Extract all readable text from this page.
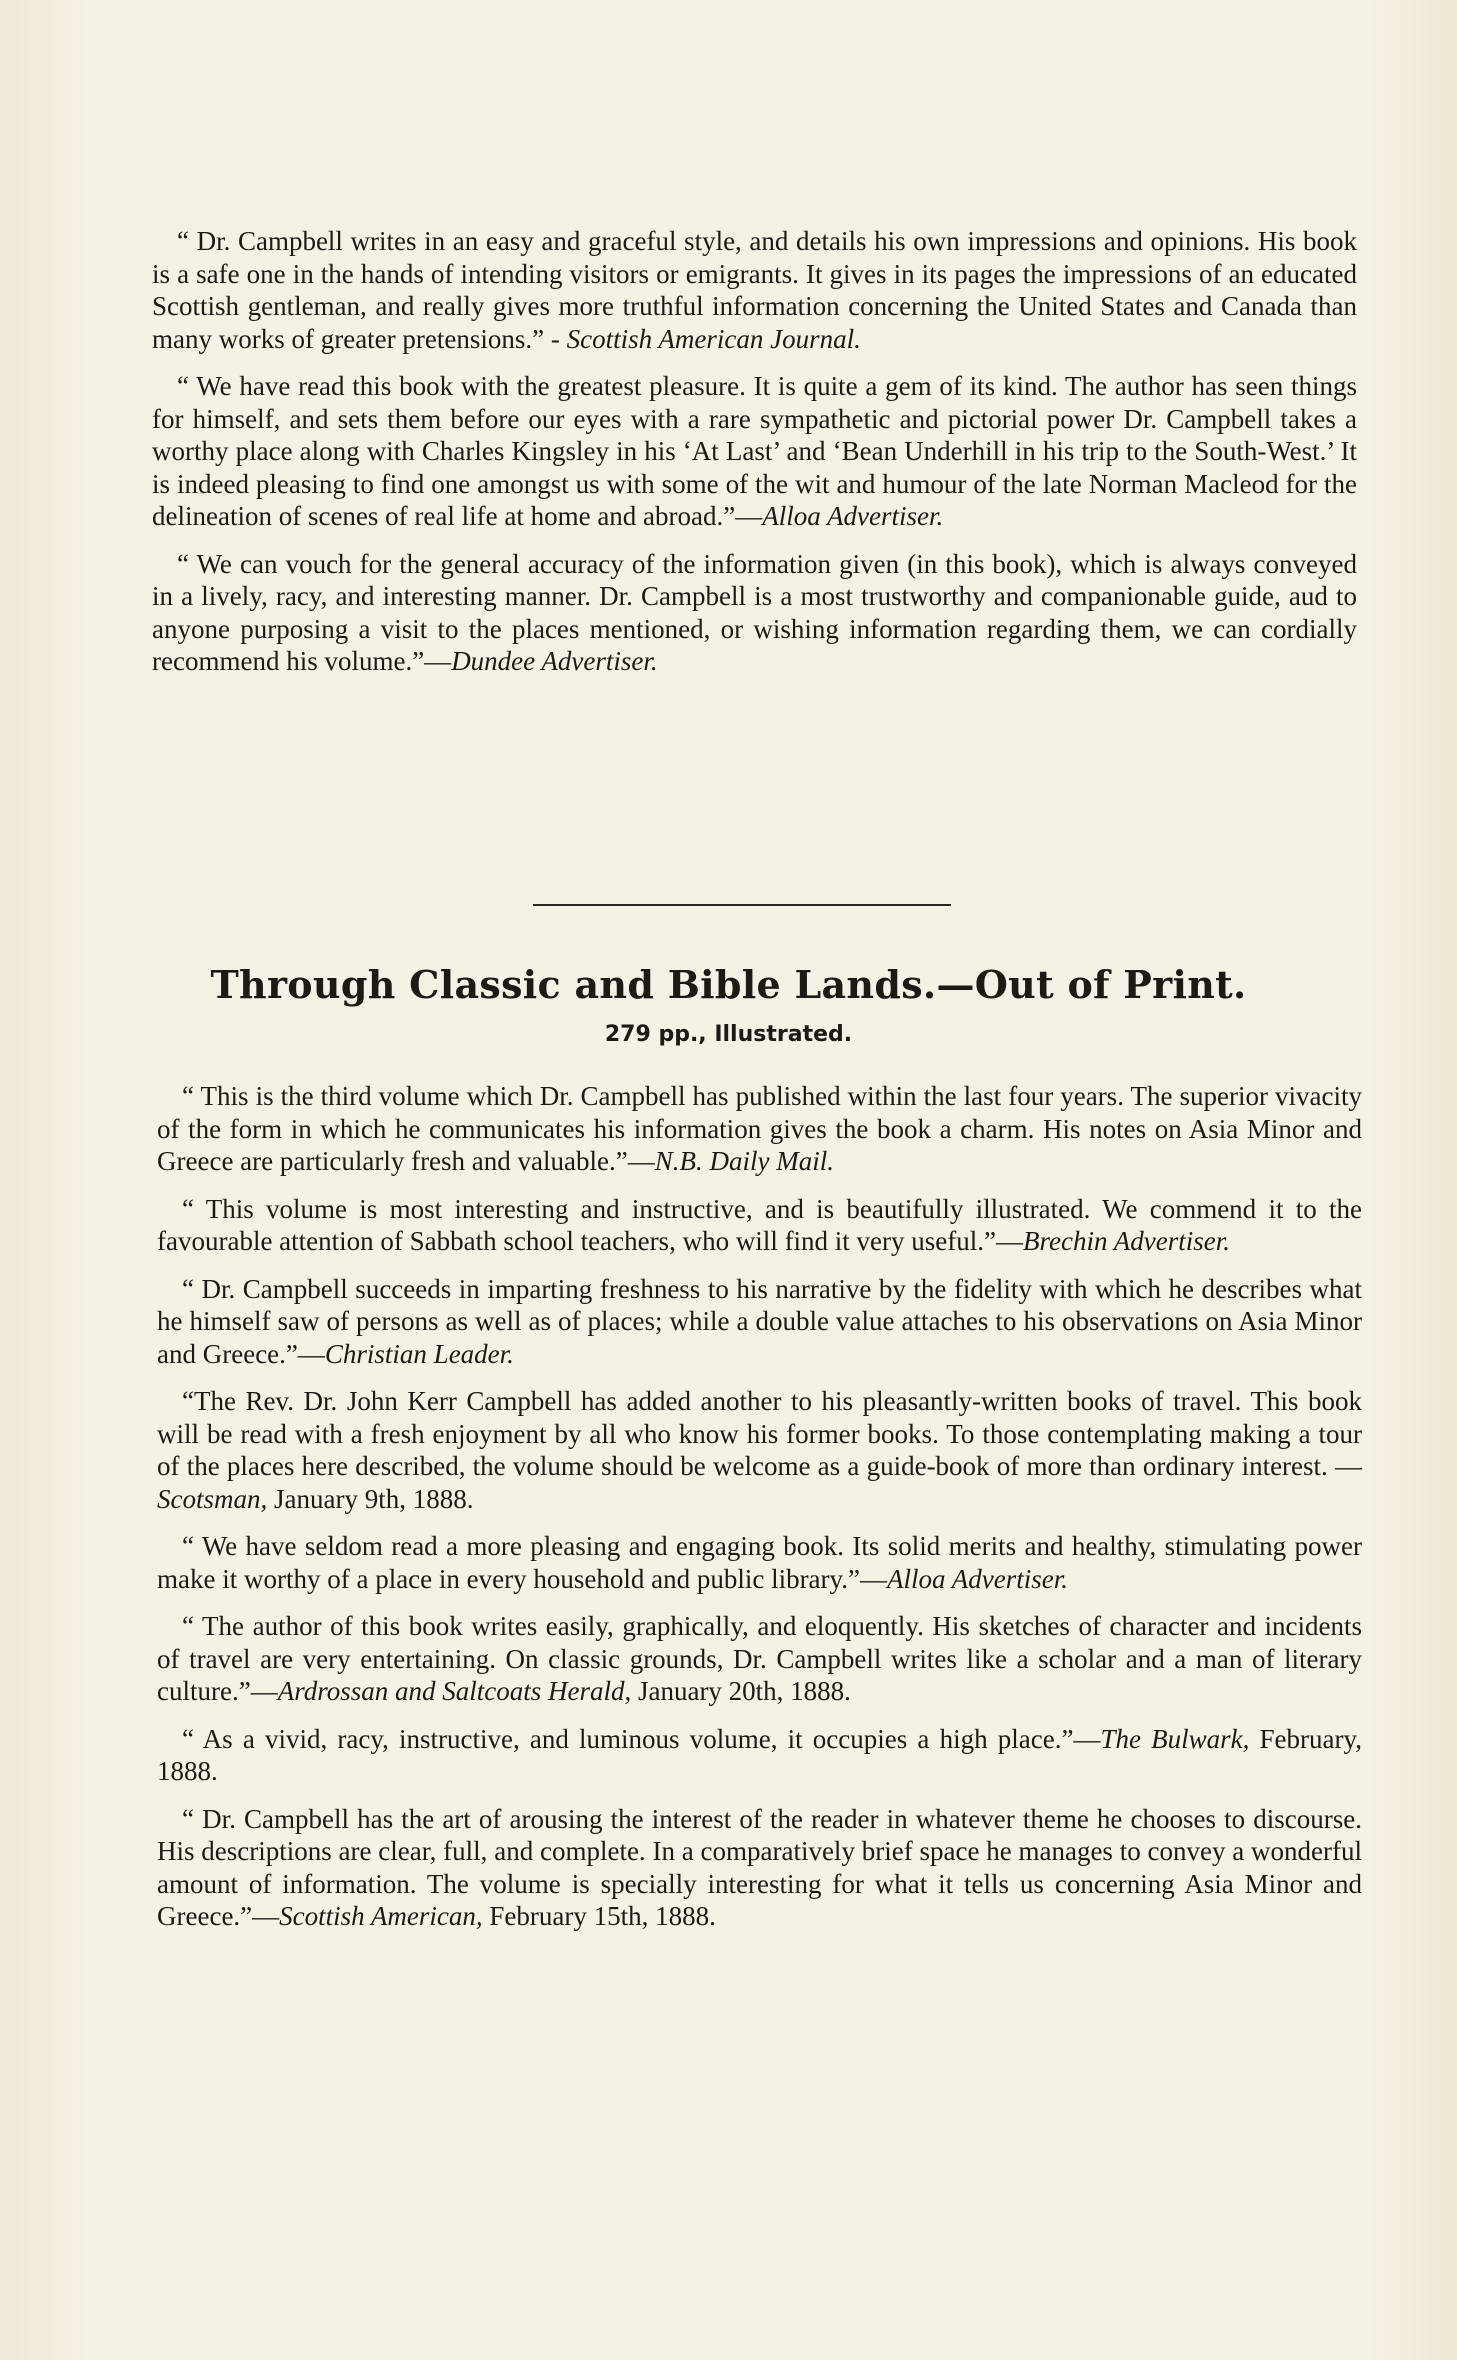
“ Dr. Campbell writes in an easy and graceful style, and details his own impressions and opinions. His book is a safe one in the hands of intending visitors or emigrants. It gives in its pages the impressions of an educated Scottish gentleman, and really gives more truthful information concerning the United States and Canada than many works of greater pretensions.” - Scottish American Journal.

“ We have read this book with the greatest pleasure. It is quite a gem of its kind. The author has seen things for himself, and sets them before our eyes with a rare sympathetic and pictorial power Dr. Campbell takes a worthy place along with Charles Kingsley in his ‘At Last’ and ‘Bean Underhill in his trip to the South-West.’ It is indeed pleasing to find one amongst us with some of the wit and humour of the late Norman Macleod for the delineation of scenes of real life at home and abroad.”—Alloa Advertiser.

“ We can vouch for the general accuracy of the information given (in this book), which is always conveyed in a lively, racy, and interesting manner. Dr. Campbell is a most trustworthy and companionable guide, aud to anyone purposing a visit to the places mentioned, or wishing information regarding them, we can cordially recommend his volume.”—Dundee Advertiser.

Through Classic and Bible Lands.—Out of Print.
279 pp., Illustrated.

“ This is the third volume which Dr. Campbell has published within the last four years. The superior vivacity of the form in which he communicates his information gives the book a charm. His notes on Asia Minor and Greece are particularly fresh and valuable.”—N.B. Daily Mail.

“ This volume is most interesting and instructive, and is beautifully illustrated. We commend it to the favourable attention of Sabbath school teachers, who will find it very useful.”—Brechin Advertiser.

“ Dr. Campbell succeeds in imparting freshness to his narrative by the fidelity with which he describes what he himself saw of persons as well as of places; while a double value attaches to his observations on Asia Minor and Greece.”—Christian Leader.

“The Rev. Dr. John Kerr Campbell has added another to his pleasantly-written books of travel. This book will be read with a fresh enjoyment by all who know his former books. To those contemplating making a tour of the places here described, the volume should be welcome as a guide-book of more than ordinary interest. —Scotsman, January 9th, 1888.

“ We have seldom read a more pleasing and engaging book. Its solid merits and healthy, stimulating power make it worthy of a place in every household and public library.”—Alloa Advertiser.

“ The author of this book writes easily, graphically, and eloquently. His sketches of character and incidents of travel are very entertaining. On classic grounds, Dr. Campbell writes like a scholar and a man of literary culture.”—Ardrossan and Saltcoats Herald, January 20th, 1888.

“ As a vivid, racy, instructive, and luminous volume, it occupies a high place.”—The Bulwark, February, 1888.

“ Dr. Campbell has the art of arousing the interest of the reader in whatever theme he chooses to discourse. His descriptions are clear, full, and complete. In a comparatively brief space he manages to convey a wonderful amount of information. The volume is specially interesting for what it tells us concerning Asia Minor and Greece.”—Scottish American, February 15th, 1888.
